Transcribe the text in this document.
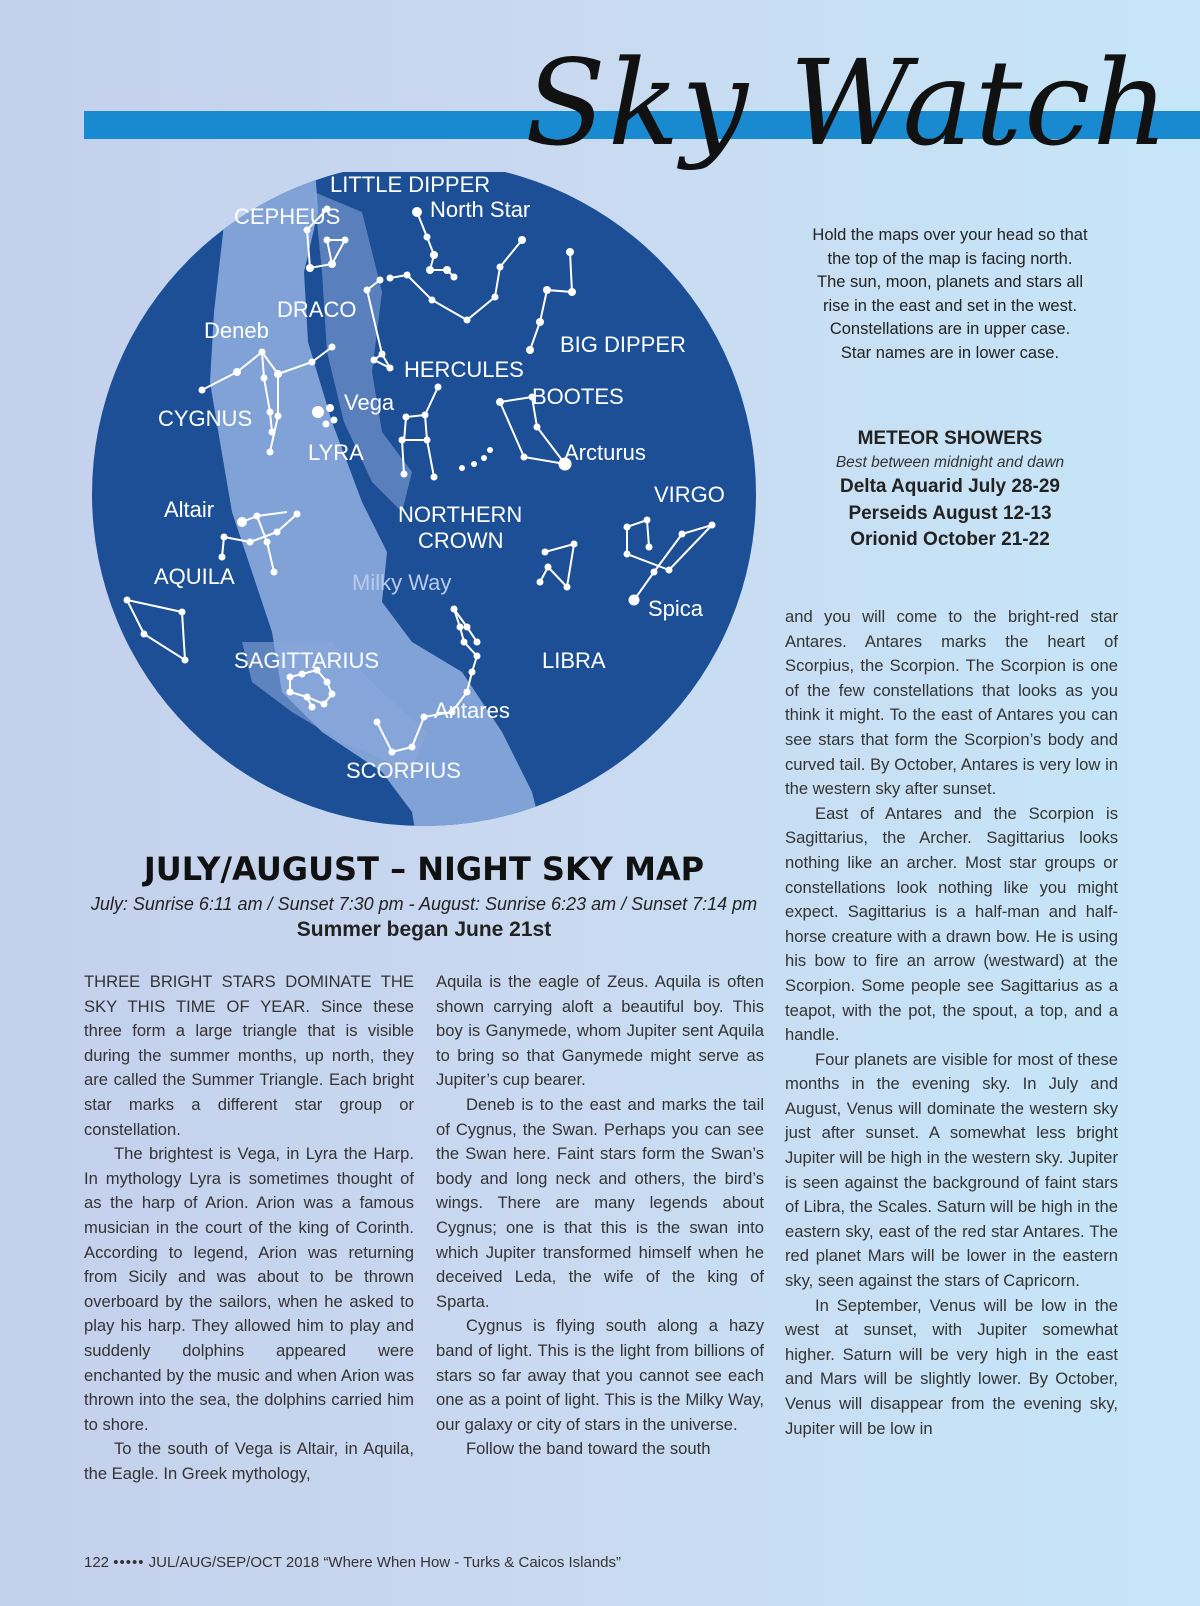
Sky Watch
LITTLE DIPPER
North Star
CEPHEUS
DRACO
Deneb
BIG DIPPER
HERCULES
BOOTES
Vega
CYGNUS
LYRA	Arcturus
VIRGO
Altair	NORTHERN
CROWN
AQUILA	Milky Way
Spica
SAGITTARIUS	LIBRA
Antares
SCORPIUS
JULY/AUGUST – NIGHT SKY MAP
July: Sunrise 6:11 am / Sunset 7:30 pm - August: Sunrise 6:23 am / Sunset 7:14 pm
Summer began June 21st
Hold the maps over your head so that
the top of the map is facing north.
The sun, moon, planets and stars all
rise in the east and set in the west.
Constellations are in upper case.
Star names are in lower case.
METEOR SHOWERS
Best between midnight and dawn
Delta Aquarid July 28-29
Perseids August 12-13
Orionid October 21-22

THREE BRIGHT STARS DOMINATE THE SKY THIS TIME OF YEAR. Since these three form a large triangle that is visible during the summer months, up north, they are called the Summer Triangle. Each bright star marks a different star group or constellation.

The brightest is Vega, in Lyra the Harp. In mythology Lyra is sometimes thought of as the harp of Arion. Arion was a famous musician in the court of the king of Corinth. According to legend, Arion was returning from Sicily and was about to be thrown overboard by the sailors, when he asked to play his harp. They allowed him to play and suddenly dolphins appeared were enchanted by the music and when Arion was thrown into the sea, the dolphins carried him to shore.

To the south of Vega is Altair, in Aquila, the Eagle. In Greek mythology,

Aquila is the eagle of Zeus. Aquila is often shown carrying aloft a beautiful boy. This boy is Ganymede, whom Jupiter sent Aquila to bring so that Ganymede might serve as Jupiter’s cup bearer.

Deneb is to the east and marks the tail of Cygnus, the Swan. Perhaps you can see the Swan here. Faint stars form the Swan’s body and long neck and others, the bird’s wings. There are many legends about Cygnus; one is that this is the swan into which Jupiter transformed himself when he deceived Leda, the wife of the king of Sparta.

Cygnus is flying south along a hazy band of light. This is the light from billions of stars so far away that you cannot see each one as a point of light. This is the Milky Way, our galaxy or city of stars in the universe.

Follow the band toward the south

and you will come to the bright-red star Antares. Antares marks the heart of Scorpius, the Scorpion. The Scorpion is one of the few constellations that looks as you think it might. To the east of Antares you can see stars that form the Scorpion’s body and curved tail. By October, Antares is very low in the western sky after sunset.

East of Antares and the Scorpion is Sagittarius, the Archer. Sagittarius looks nothing like an archer. Most star groups or constellations look nothing like you might expect. Sagittarius is a half-man and half-horse creature with a drawn bow. He is using his bow to fire an arrow (westward) at the Scorpion. Some people see Sagittarius as a teapot, with the pot, the spout, a top, and a handle.

Four planets are visible for most of these months in the evening sky. In July and August, Venus will dominate the western sky just after sunset. A somewhat less bright Jupiter will be high in the western sky. Jupiter is seen against the background of faint stars of Libra, the Scales. Saturn will be high in the eastern sky, east of the red star Antares. The red planet Mars will be lower in the eastern sky, seen against the stars of Capricorn.

In September, Venus will be low in the west at sunset, with Jupiter somewhat higher. Saturn will be very high in the east and Mars will be slightly lower. By October, Venus will disappear from the evening sky, Jupiter will be low in

122 ••••• JUL/AUG/SEP/OCT 2018 “Where When How - Turks & Caicos Islands”
